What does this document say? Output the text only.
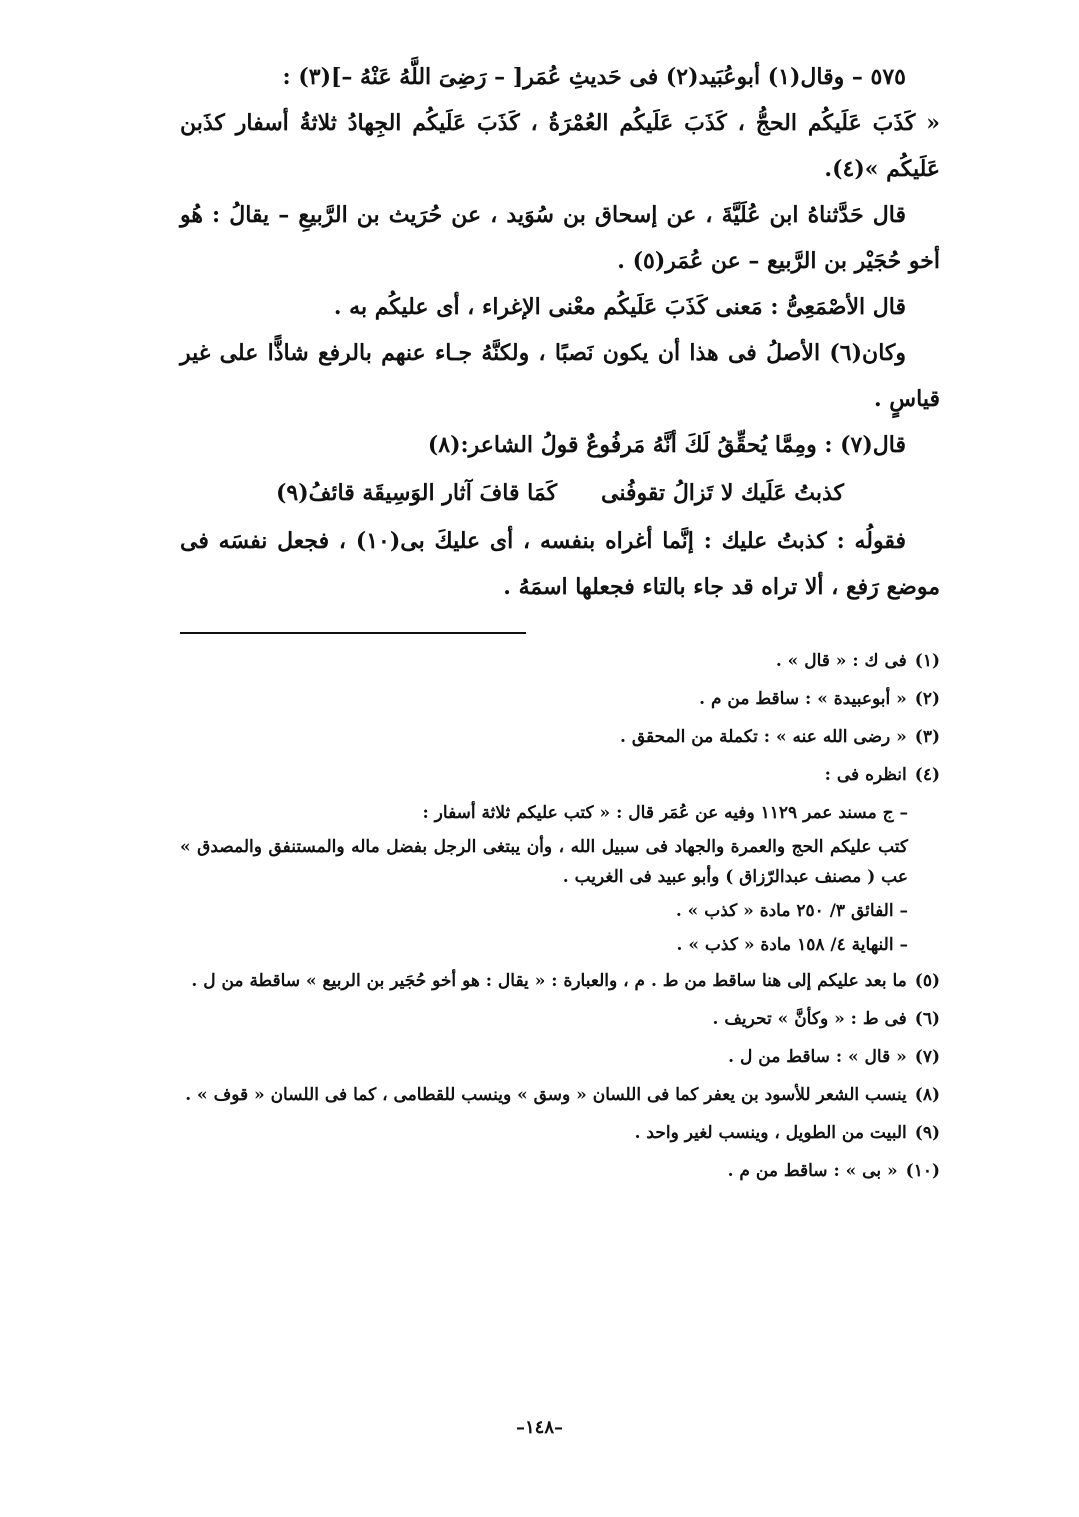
٥٧٥ – وقال(١) أبوعُبَيد(٢) فى حَديثِ عُمَر[ – رَضِىَ اللَّهُ عَنْهُ –](٣) :

« كَذَبَ عَلَيكُم الحجُّ ، كَذَبَ عَلَيكُم العُمْرَةُ ، كَذَبَ عَلَيكُم الجِهادُ ثلاثةُ أسفار كذَبن عَلَيكُم »(٤).

قال حَدَّثناهُ ابن عُلَيَّةَ ، عن إسحاق بن سُوَيد ، عن حُرَيث بن الرَّبيعِ – يقالُ : هُو أخو حُجَيْر بن الرَّبيع – عن عُمَر(٥) .

قال الأصْمَعِىُّ : مَعنى كَذَبَ عَلَيكُم معْنى الإغراء ، أى عليكُم به .

وكان(٦) الأصلُ فى هذا أن يكون نَصبًا ، ولكنَّهُ جـاء عنهم بالرفع شاذًّا على غير قياسٍ .

قال(٧) : ومِمَّا يُحقِّقُ لَكَ أنَّهُ مَرفُوعٌ قولُ الشاعر:(٨)

كذبتُ عَلَيك لا تَزالُ تقوفُنى
كَمَا قافَ آثار الوَسِيقَة قائفُ(٩)

فقولُه : كذبتُ عليك : إنَّما أغراه بنفسه ، أى عليكَ بى(١٠) ، فجعل نفسَه فى موضع رَفع ، ألا تراه قد جاء بالتاء فجعلها اسمَهُ .

(١)
فى ك : « قال » .
(٢)
« أبوعبيدة » : ساقط من م .
(٣)
« رضى الله عنه » : تكملة من المحقق .
(٤)
انظره فى :
– ج مسند عمر ١١٢٩ وفيه عن عُمَر قال : « كتب عليكم ثلاثة أسفار :
كتب عليكم الحج والعمرة والجهاد فى سبيل الله ، وأن يبتغى الرجل بفضل ماله والمستنفق والمصدق » عب ( مصنف عبدالرّزاق ) وأبو عبيد فى الغريب .
– الفائق ٣/ ٢٥٠ مادة « كذب » .
– النهاية ٤/ ١٥٨ مادة « كذب » .
(٥)
ما بعد عليكم إلى هنا ساقط من ط . م ، والعبارة : « يقال : هو أخو حُجَير بن الربيع » ساقطة من ل .
(٦)
فى ط : « وكأنَّ » تحريف .
(٧)
« قال » : ساقط من ل .
(٨)
ينسب الشعر للأسود بن يعفر كما فى اللسان « وسق » وينسب للقطامى ، كما فى اللسان « قوف » .
(٩)
البيت من الطويل ، وينسب لغير واحد .
(١٠)
« بى » : ساقط من م .
–١٤٨–
